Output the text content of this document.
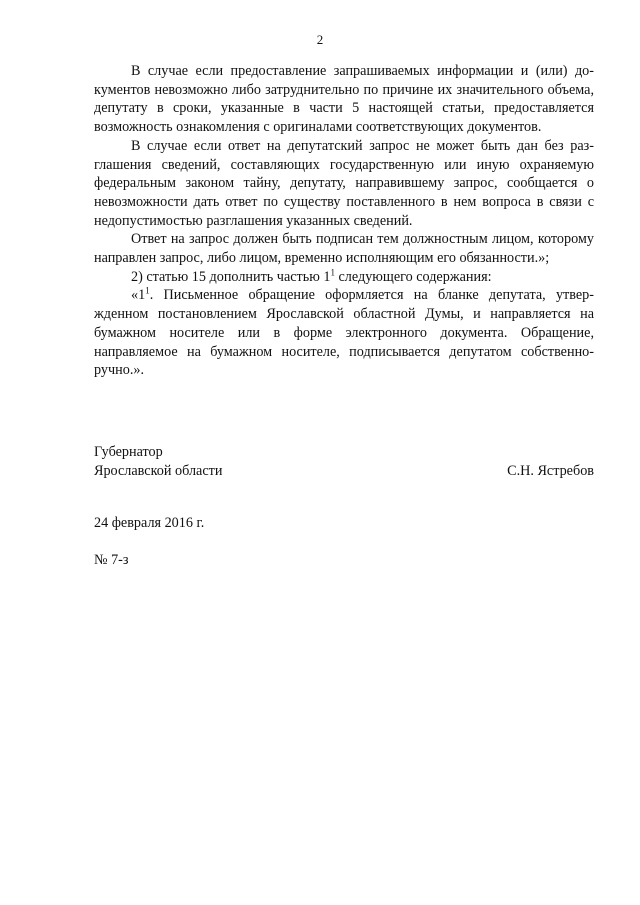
2

В случае если предоставление запрашиваемых информации и (или) документов невозможно либо затруднительно по причине их значительного объема, депутату в сроки, указанные в части 5 настоящей статьи, предоставляется возможность ознакомления с оригиналами соответствующих документов.

В случае если ответ на депутатский запрос не может быть дан без разглашения сведений, составляющих государственную или иную охраняемую федеральным законом тайну, депутату, направившему запрос, сообщается о невозможности дать ответ по существу поставленного в нем вопроса в связи с недопустимостью разглашения указанных сведений.

Ответ на запрос должен быть подписан тем должностным лицом, которому направлен запрос, либо лицом, временно исполняющим его обязанности.»;

2) статью 15 дополнить частью $1^1$ следующего содержания:

«$1^1$. Письменное обращение оформляется на бланке депутата, утвержденном постановлением Ярославской областной Думы, и направляется на бумажном носителе или в форме электронного документа. Обращение, направляемое на бумажном носителе, подписывается депутатом собственноручно.».

Губернатор
Ярославской области	С.Н. Ястребов
24 февраля 2016 г.
№ 7-з
